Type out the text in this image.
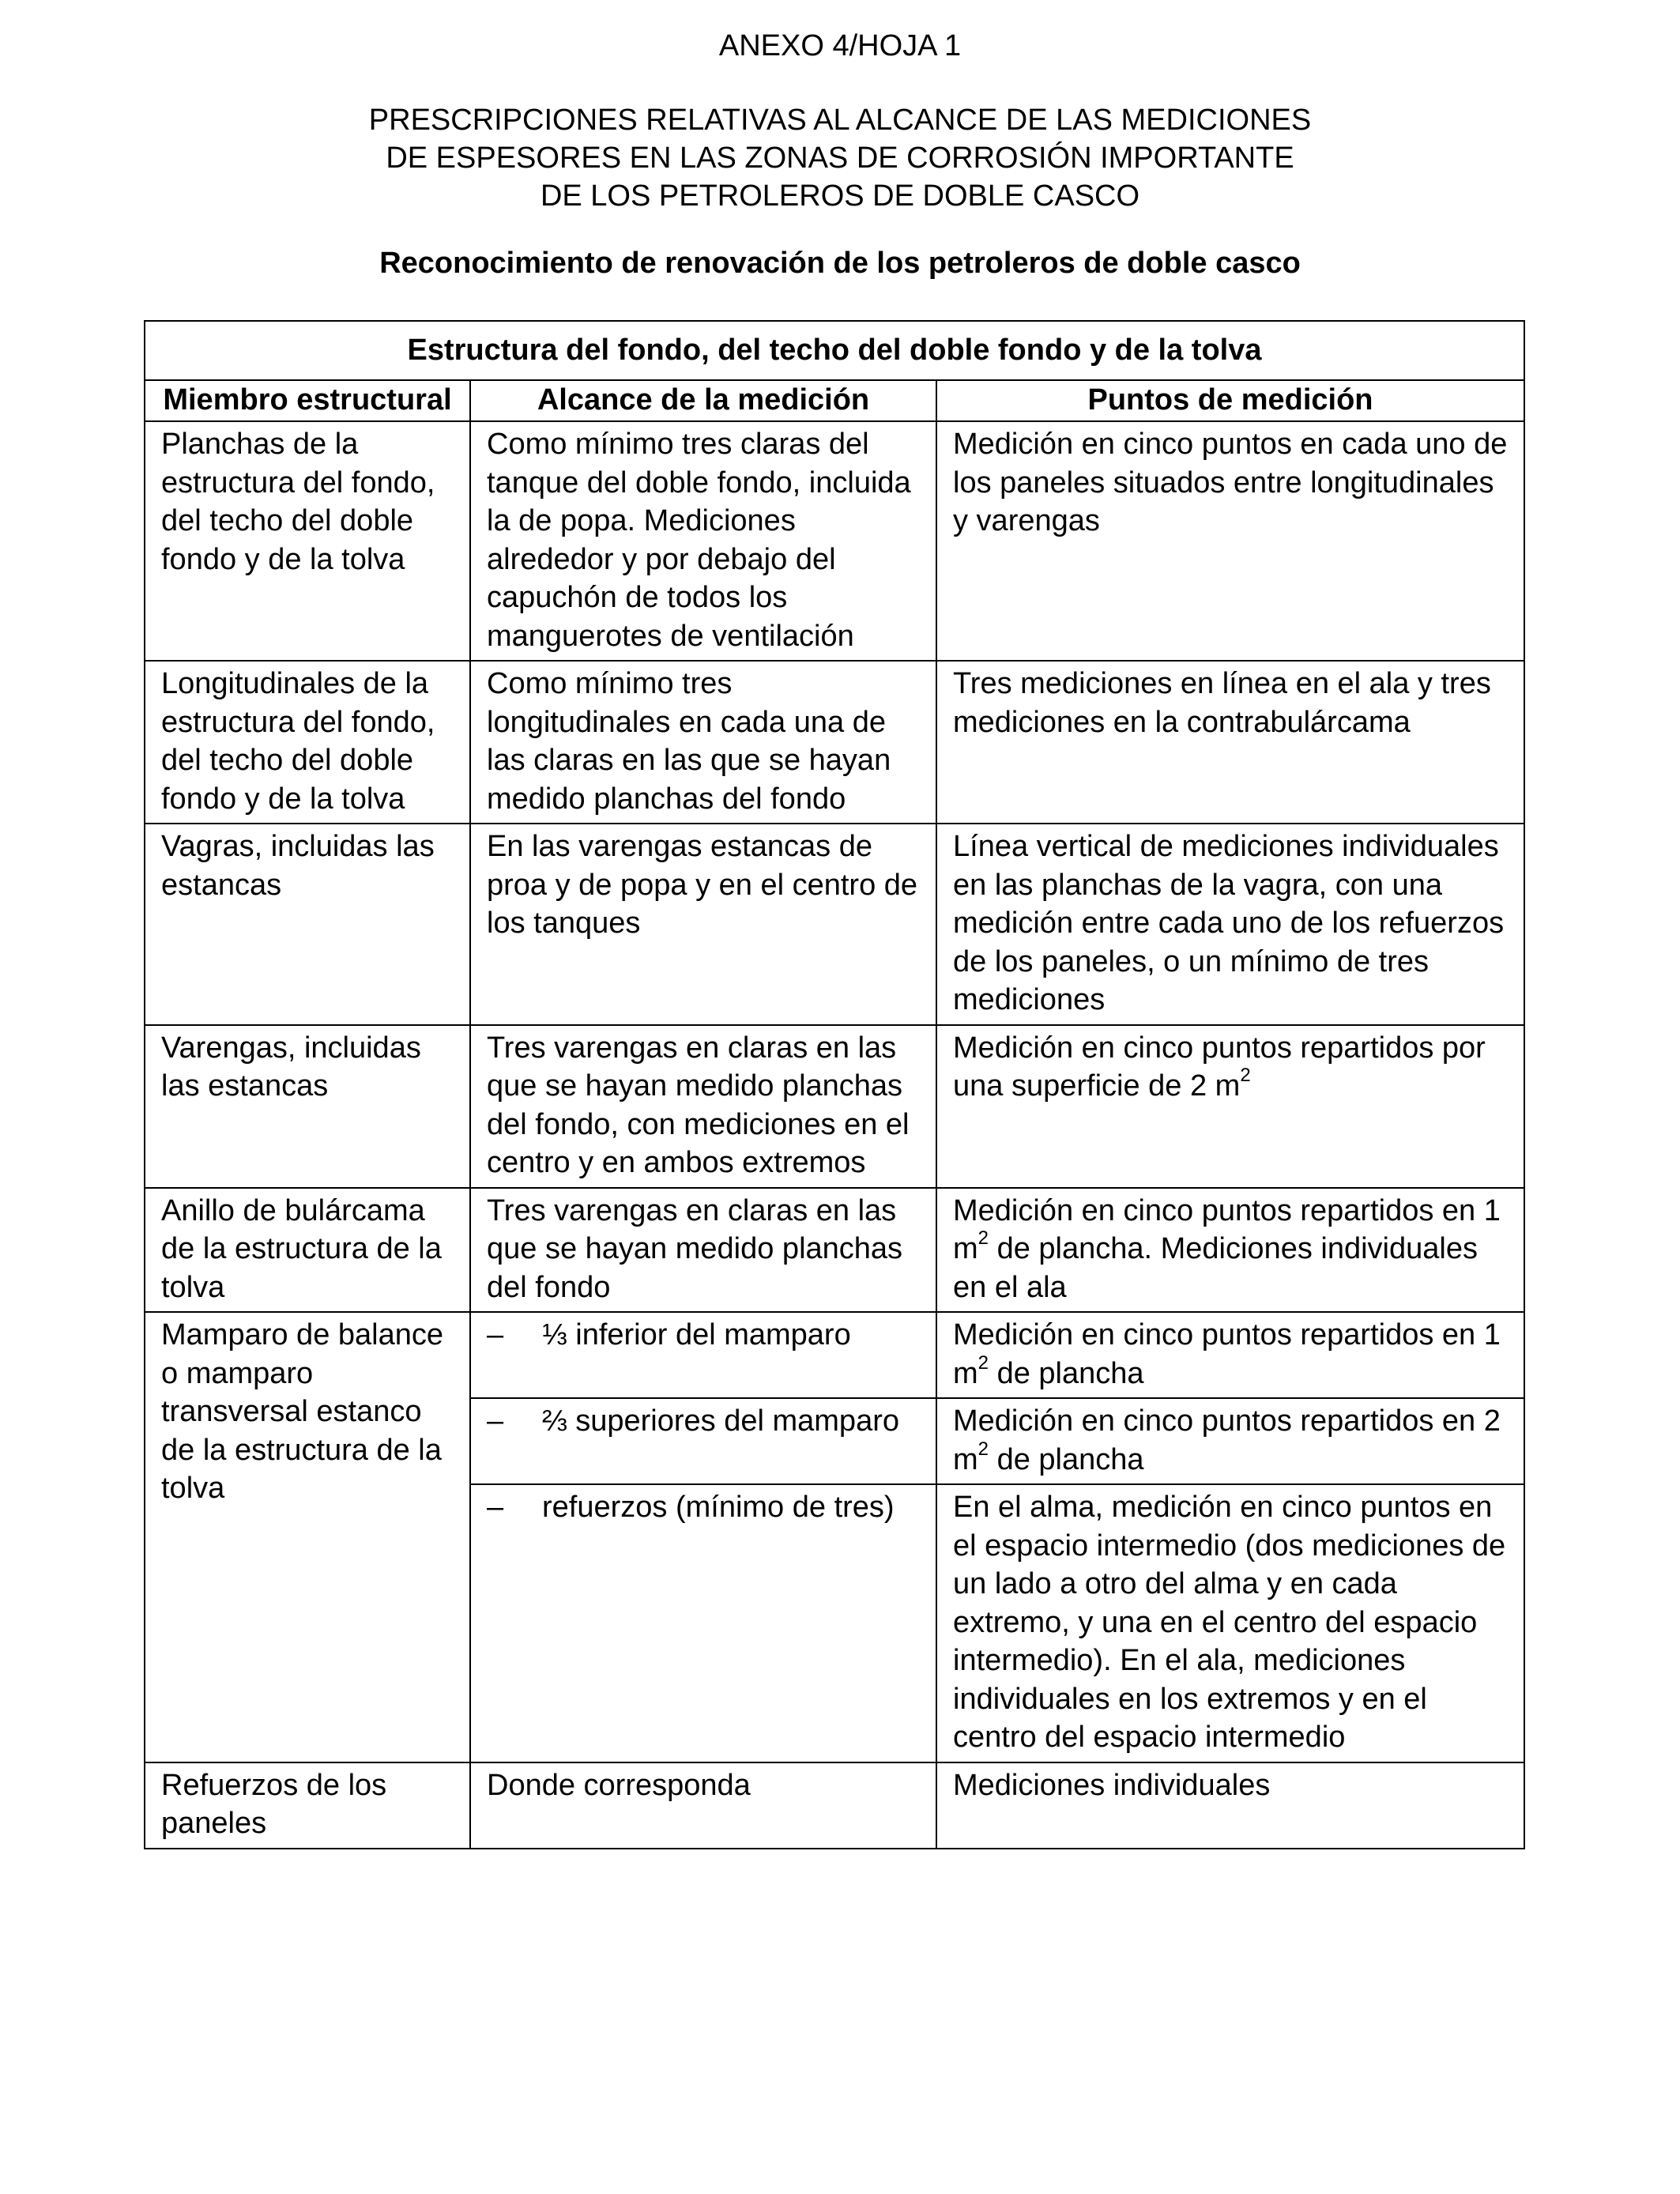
ANEXO 4/HOJA 1
PRESCRIPCIONES RELATIVAS AL ALCANCE DE LAS MEDICIONES
DE ESPESORES EN LAS ZONAS DE CORROSIÓN IMPORTANTE
DE LOS PETROLEROS DE DOBLE CASCO
Reconocimiento de renovación de los petroleros de doble casco
Estructura del fondo, del techo del doble fondo y de la tolva		
Miembro estructural	Alcance de la medición	Puntos de medición
Planchas de la estructura del fondo, del techo del doble fondo y de la tolva	Como mínimo tres claras del tanque del doble fondo, incluida la de popa. Mediciones alrededor y por debajo del capuchón de todos los manguerotes de ventilación	Medición en cinco puntos en cada uno de los paneles situados entre longitudinales y varengas
Longitudinales de la estructura del fondo, del techo del doble fondo y de la tolva	Como mínimo tres longitudinales en cada una de las claras en las que se hayan medido planchas del fondo	Tres mediciones en línea en el ala y tres mediciones en la contrabulárcama
Vagras, incluidas las estancas	En las varengas estancas de proa y de popa y en el centro de los tanques	Línea vertical de mediciones individuales en las planchas de la vagra, con una medición entre cada uno de los refuerzos de los paneles, o un mínimo de tres mediciones
Varengas, incluidas las estancas	Tres varengas en claras en las que se hayan medido planchas del fondo, con mediciones en el centro y en ambos extremos	Medición en cinco puntos repartidos por una superficie de 2 $m^2$
Anillo de bulárcama de la estructura de la tolva	Tres varengas en claras en las que se hayan medido planchas del fondo	Medición en cinco puntos repartidos en 1 $m^2$ de plancha. Mediciones individuales en el ala
Mamparo de balance o mamparo transversal estanco de la estructura de la tolva	– ⅓ inferior del mamparo	Medición en cinco puntos repartidos en 1 $m^2$ de plancha

	– ⅔ superiores del mamparo	Medición en cinco puntos repartidos en 2 $m^2$ de plancha

	– refuerzos (mínimo de tres)	En el alma, medición en cinco puntos en el espacio intermedio (dos mediciones de un lado a otro del alma y en cada extremo, y una en el centro del espacio intermedio). En el ala, mediciones individuales en los extremos y en el centro del espacio intermedio
Refuerzos de los paneles	Donde corresponda	Mediciones individuales
